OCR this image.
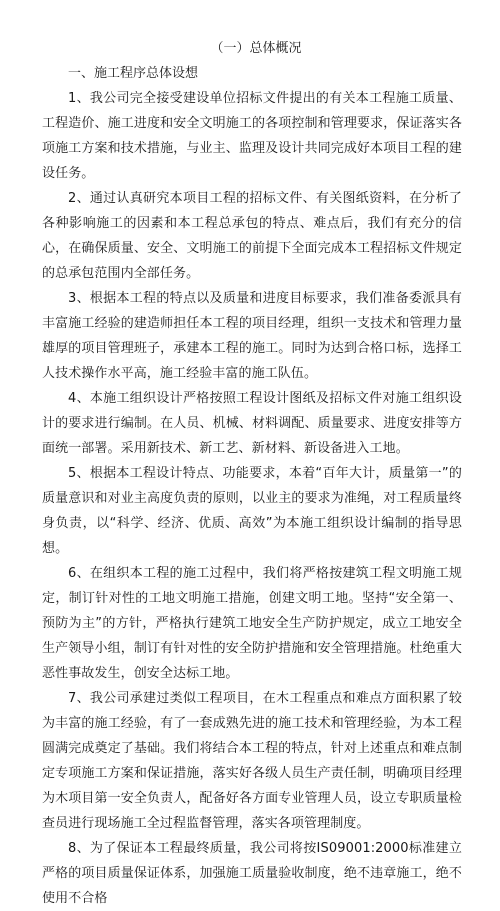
（一）总体概况

一、施工程序总体设想

1、我公司完全接受建设单位招标文件提出的有关本工程施工质量、工程造价、施工进度和安全文明施工的各项控制和管理要求，保证落实各项施工方案和技术措施，与业主、监理及设计共同完成好本项目工程的建设任务。

2、通过认真研究本项目工程的招标文件、有关图纸资料，在分析了各种影响施工的因素和本工程总承包的特点、难点后，我们有充分的信心，在确保质量、安全、文明施工的前提下全面完成本工程招标文件规定的总承包范围内全部任务。

3、根据本工程的特点以及质量和进度目标要求，我们准备委派具有丰富施工经验的建造师担任本工程的项目经理，组织一支技术和管理力量雄厚的项目管理班子，承建本工程的施工。同时为达到合格口标，选择工人技术操作水平高，施工经验丰富的施工队伍。

4、本施工组织设计严格按照工程设计图纸及招标文件对施工组织设计的要求进行编制。在人员、机械、材料调配、质量要求、进度安排等方面统一部署。采用新技术、新工艺、新材料、新设备进入工地。

5、根据本工程设计特点、功能要求，本着“百年大计，质量第一”的质量意识和对业主高度负责的原则，以业主的要求为准绳，对工程质量终身负责，以“科学、经济、优质、高效”为本施工组织设计编制的指导思想。

6、在组织本工程的施工过程中，我们将严格按建筑工程文明施工规定，制订针对性的工地文明施工措施，创建文明工地。坚持“安全第一、预防为主”的方针，严格执行建筑工地安全生产防护规定，成立工地安全生产领导小组，制订有针对性的安全防护措施和安全管理措施。杜绝重大恶性事故发生，创安全达标工地。

7、我公司承建过类似工程项目，在木工程重点和难点方面积累了较为丰富的施工经验，有了一套成熟先进的施工技术和管理经验，为本工程圆满完成奠定了基础。我们将结合本工程的特点，针对上述重点和难点制定专项施工方案和保证措施，落实好各级人员生产责任制，明确项目经理为木项目第一安全负责人，配备好各方面专业管理人员，设立专职质量检查员进行现场施工全过程监督管理，落实各项管理制度。

8、为了保证本工程最终质量，我公司将按IS09001:2000标准建立严格的项目质量保证体系，加强施工质量验收制度，绝不违章施工，绝不使用不合格
